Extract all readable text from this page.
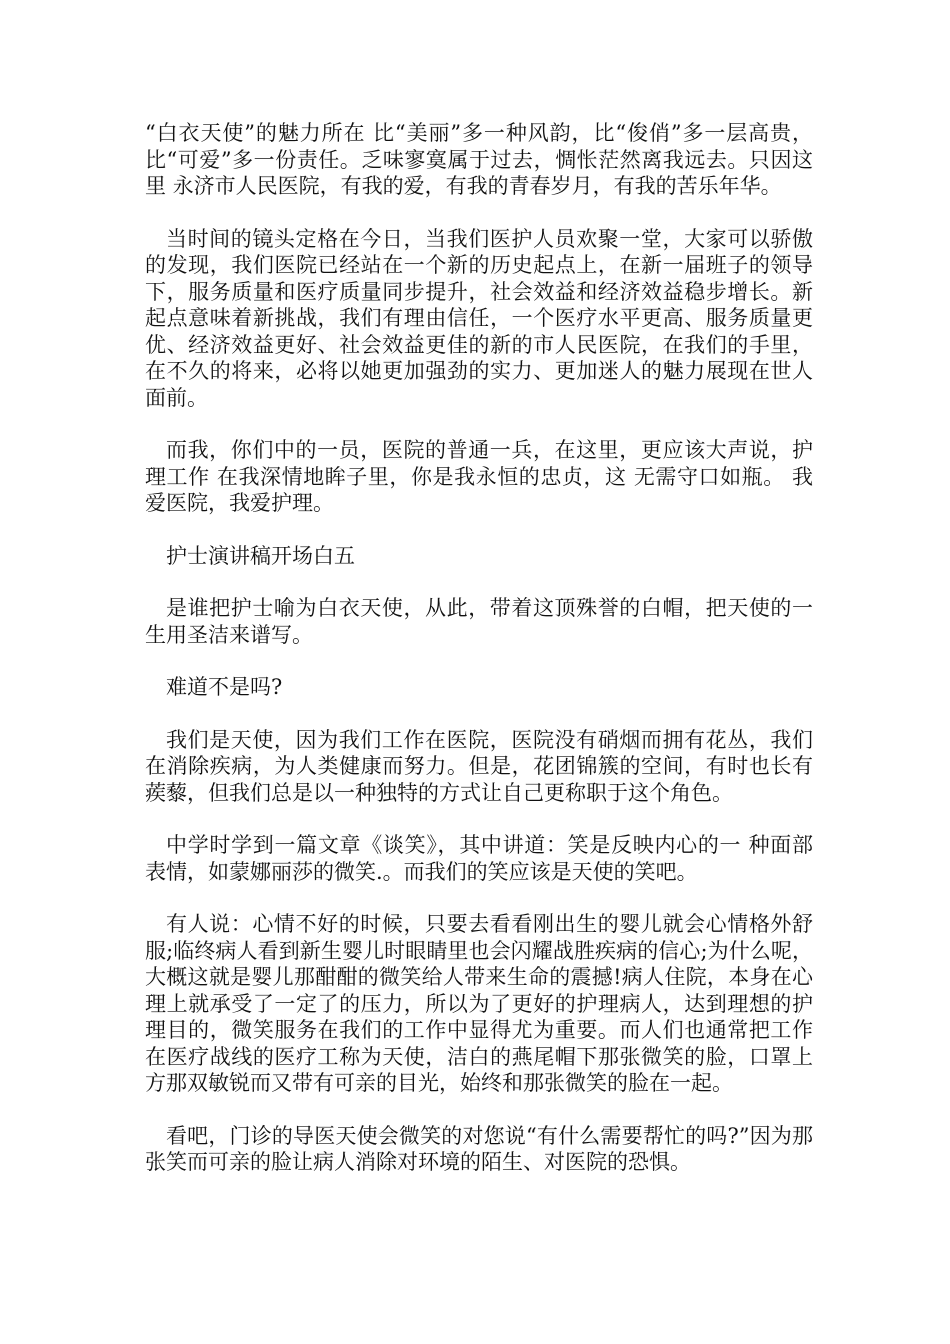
“白衣天使”的魅力所在 比“美丽”多一种风韵，比“俊俏”多一层高贵，比“可爱”多一份责任。乏味寥寞属于过去，惆怅茫然离我远去。只因这里 永济市人民医院，有我的爱，有我的青春岁月，有我的苦乐年华。

当时间的镜头定格在今日，当我们医护人员欢聚一堂，大家可以骄傲的发现，我们医院已经站在一个新的历史起点上，在新一届班子的领导下，服务质量和医疗质量同步提升，社会效益和经济效益稳步增长。新起点意味着新挑战，我们有理由信任，一个医疗水平更高、服务质量更优、经济效益更好、社会效益更佳的新的市人民医院，在我们的手里，在不久的将来，必将以她更加强劲的实力、更加迷人的魅力展现在世人面前。

而我，你们中的一员，医院的普通一兵，在这里，更应该大声说，护理工作 在我深情地眸子里，你是我永恒的忠贞，这 无需守口如瓶。 我爱医院，我爱护理。

护士演讲稿开场白五

是谁把护士喻为白衣天使，从此，带着这顶殊誉的白帽，把天使的一生用圣洁来谱写。

难道不是吗?

我们是天使，因为我们工作在医院，医院没有硝烟而拥有花丛，我们在消除疾病，为人类健康而努力。但是，花团锦簇的空间，有时也长有蒺藜，但我们总是以一种独特的方式让自己更称职于这个角色。

中学时学到一篇文章《谈笑》，其中讲道：笑是反映内心的一 种面部表情，如蒙娜丽莎的微笑.。而我们的笑应该是天使的笑吧。

有人说：心情不好的时候，只要去看看刚出生的婴儿就会心情格外舒服;临终病人看到新生婴儿时眼睛里也会闪耀战胜疾病的信心;为什么呢，大概这就是婴儿那酣酣的微笑给人带来生命的震撼!病人住院，本身在心理上就承受了一定了的压力，所以为了更好的护理病人，达到理想的护理目的，微笑服务在我们的工作中显得尤为重要。而人们也通常把工作在医疗战线的医疗工称为天使，洁白的燕尾帽下那张微笑的脸，口罩上方那双敏锐而又带有可亲的目光，始终和那张微笑的脸在一起。

看吧，门诊的导医天使会微笑的对您说“有什么需要帮忙的吗?”因为那张笑而可亲的脸让病人消除对环境的陌生、对医院的恐惧。
